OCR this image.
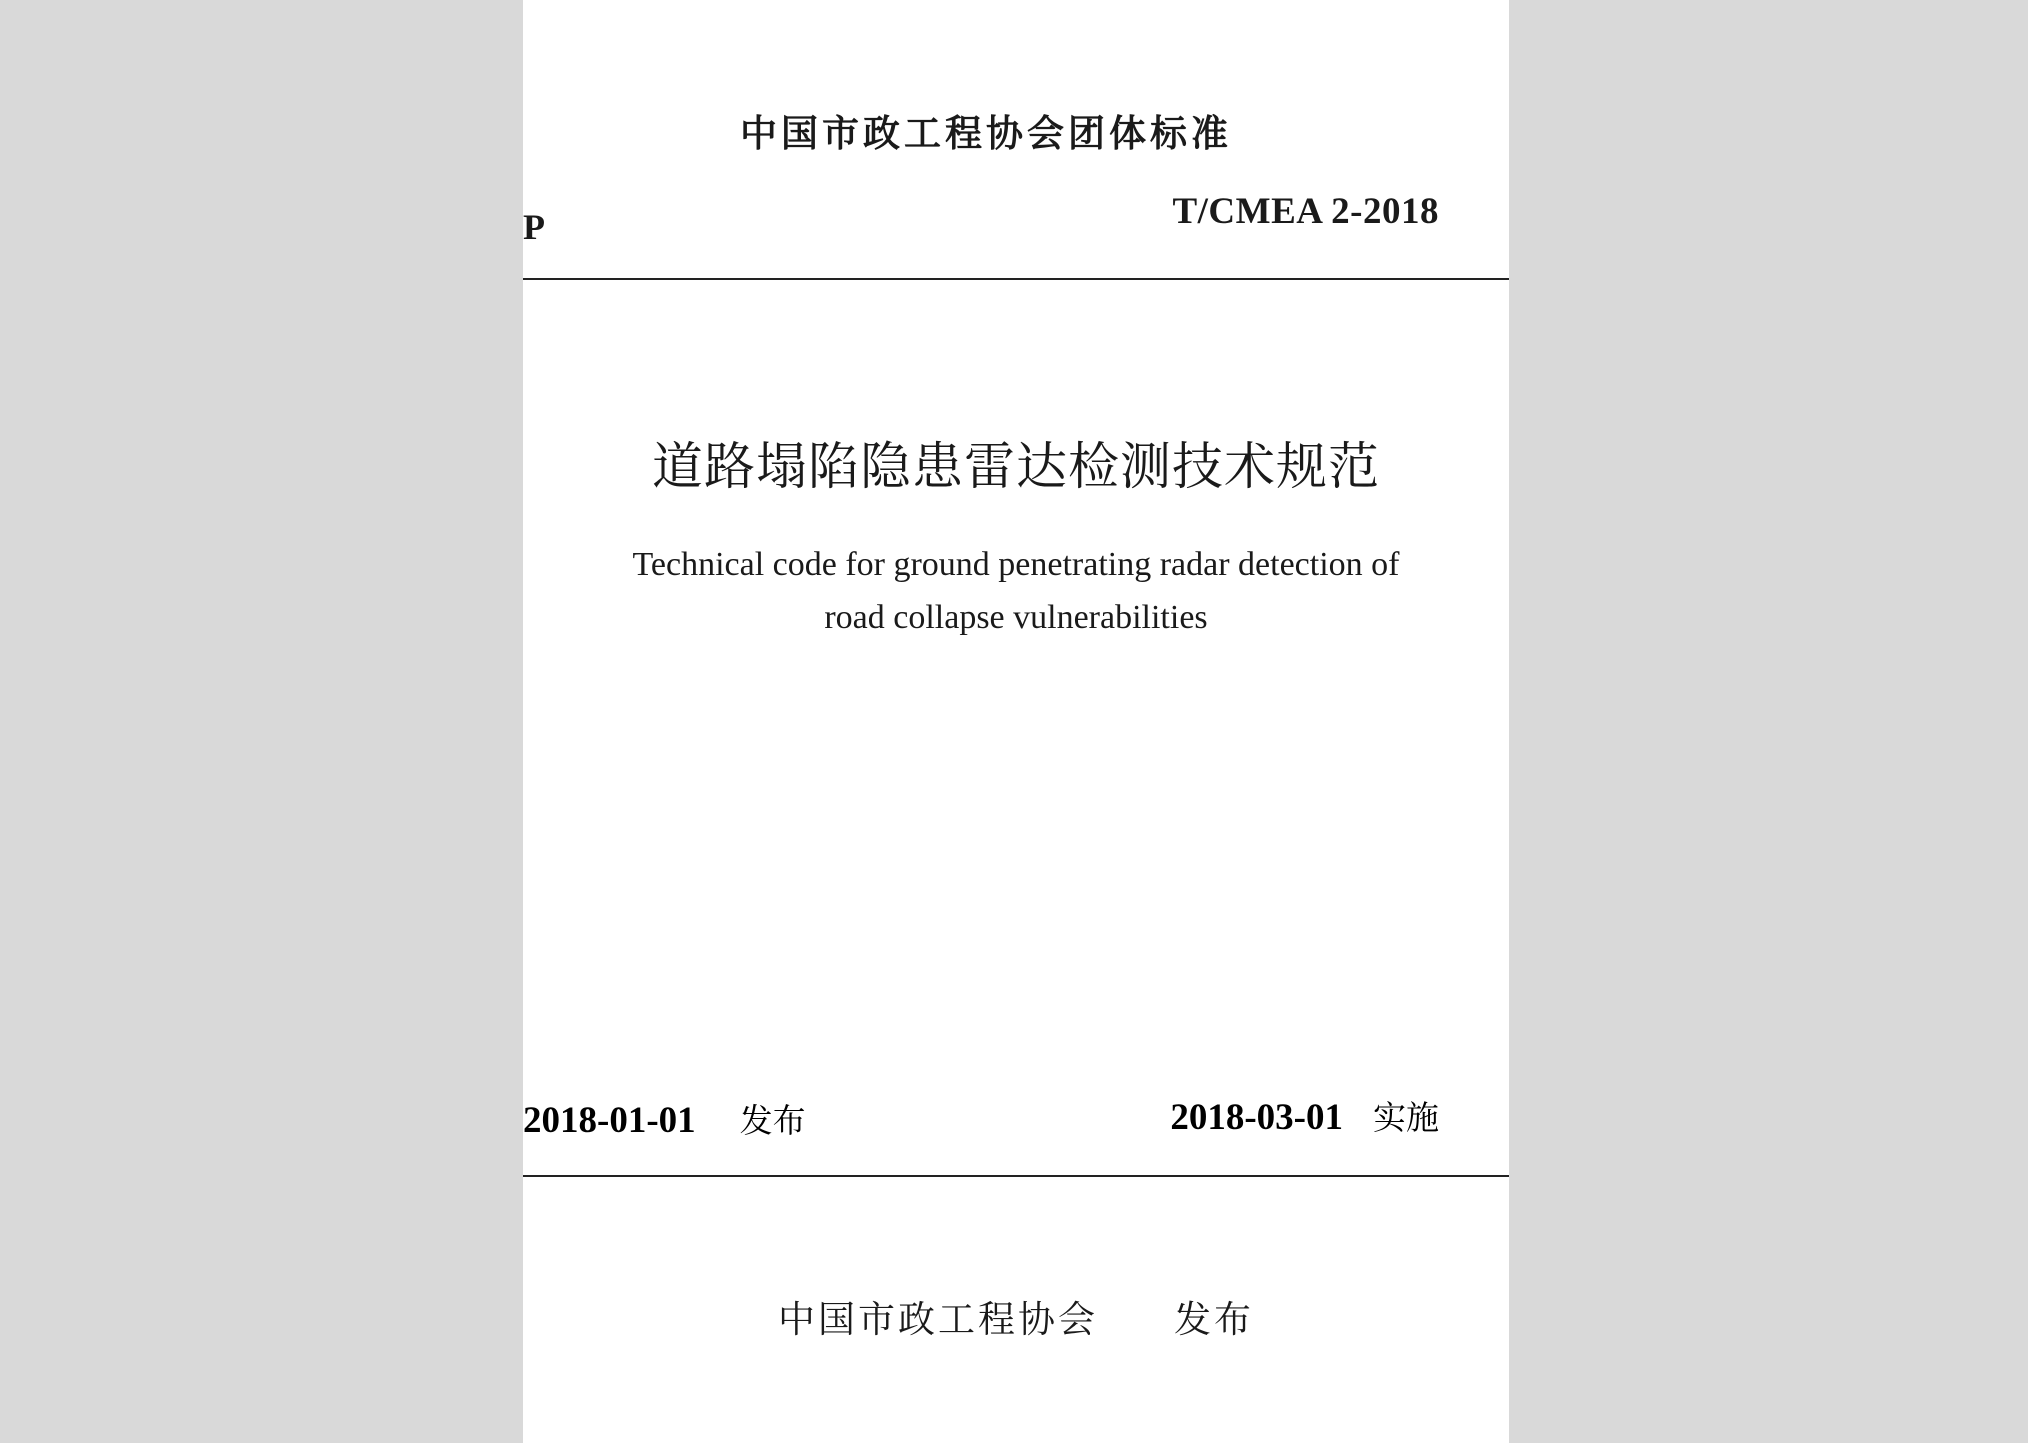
中国市政工程协会团体标准
P	T/CMEA 2-2018
道路塌陷隐患雷达检测技术规范
Technical code for ground penetrating radar detection of
road collapse vulnerabilities
2018-01-01 发布	2018-03-01 实施
中国市政工程协会 发布
